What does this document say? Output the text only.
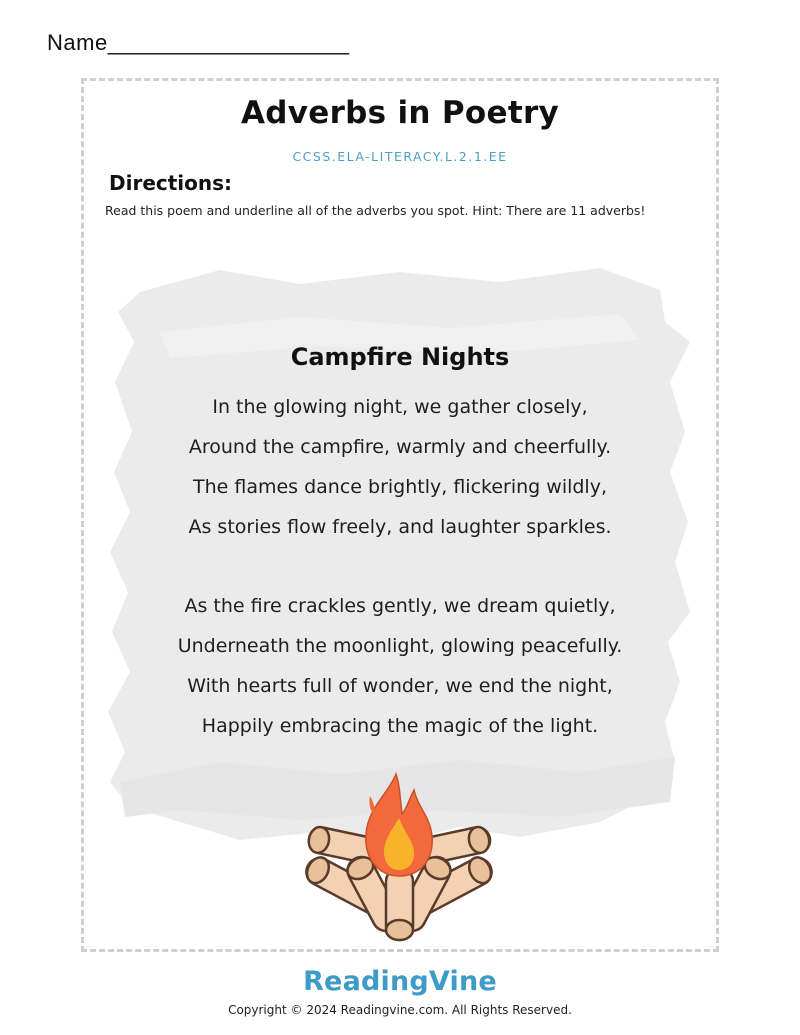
Name___________________
Adverbs in Poetry
CCSS.ELA-LITERACY.L.2.1.EE
Directions:
Read this poem and underline all of the adverbs you spot. Hint: There are 11 adverbs!
Campfire Nights
In the glowing night, we gather closely,
Around the campfire, warmly and cheerfully.
The flames dance brightly, flickering wildly,
As stories flow freely, and laughter sparkles.
As the fire crackles gently, we dream quietly,
Underneath the moonlight, glowing peacefully.
With hearts full of wonder, we end the night,
Happily embracing the magic of the light.
ReadingVine
Copyright © 2024 Readingvine.com. All Rights Reserved.
